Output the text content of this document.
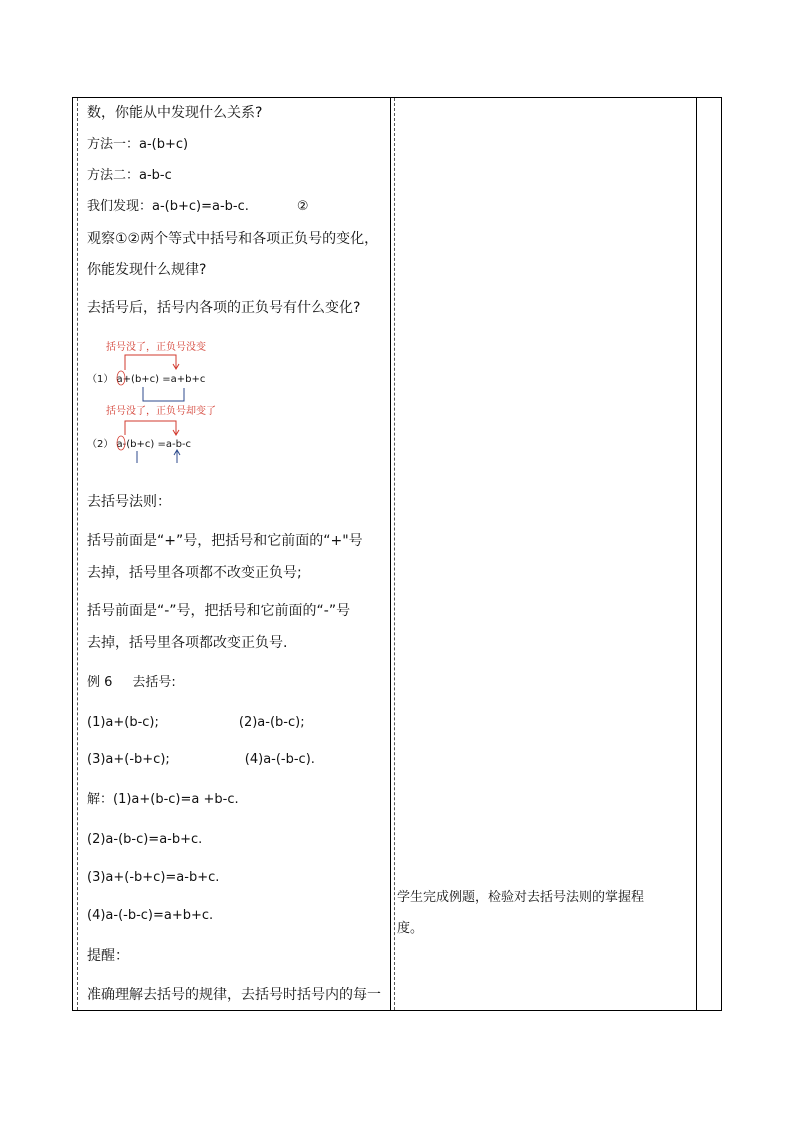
数，你能从中发现什么关系?
方法一：a-(b+c)
方法二：a-b-c
我们发现：a-(b+c)=a-b-c.	②
观察①②两个等式中括号和各项正负号的变化，
你能发现什么规律?
去括号后，括号内各项的正负号有什么变化?
去括号法则：
括号前面是“+”号，把括号和它前面的“+"号
去掉，括号里各项都不改变正负号;
括号前面是“-”号，把括号和它前面的“-”号
去掉，括号里各项都改变正负号.
例 6 去括号:
(1)a+(b-c);	(2)a-(b-c);
(3)a+(-b+c);	(4)a-(-b-c).
解：(1)a+(b-c)=a +b-c.
(2)a-(b-c)=a-b+c.
(3)a+(-b+c)=a-b+c.
(4)a-(-b-c)=a+b+c.
提醒：
准确理解去括号的规律，去括号时括号内的每一
括号没了，正负号没变
（1） a+(b+c) =a+b+c
括号没了，正负号却变了
（2） a-(b+c) =a-b-c
学生完成例题，检验对去括号法则的掌握程
度。
